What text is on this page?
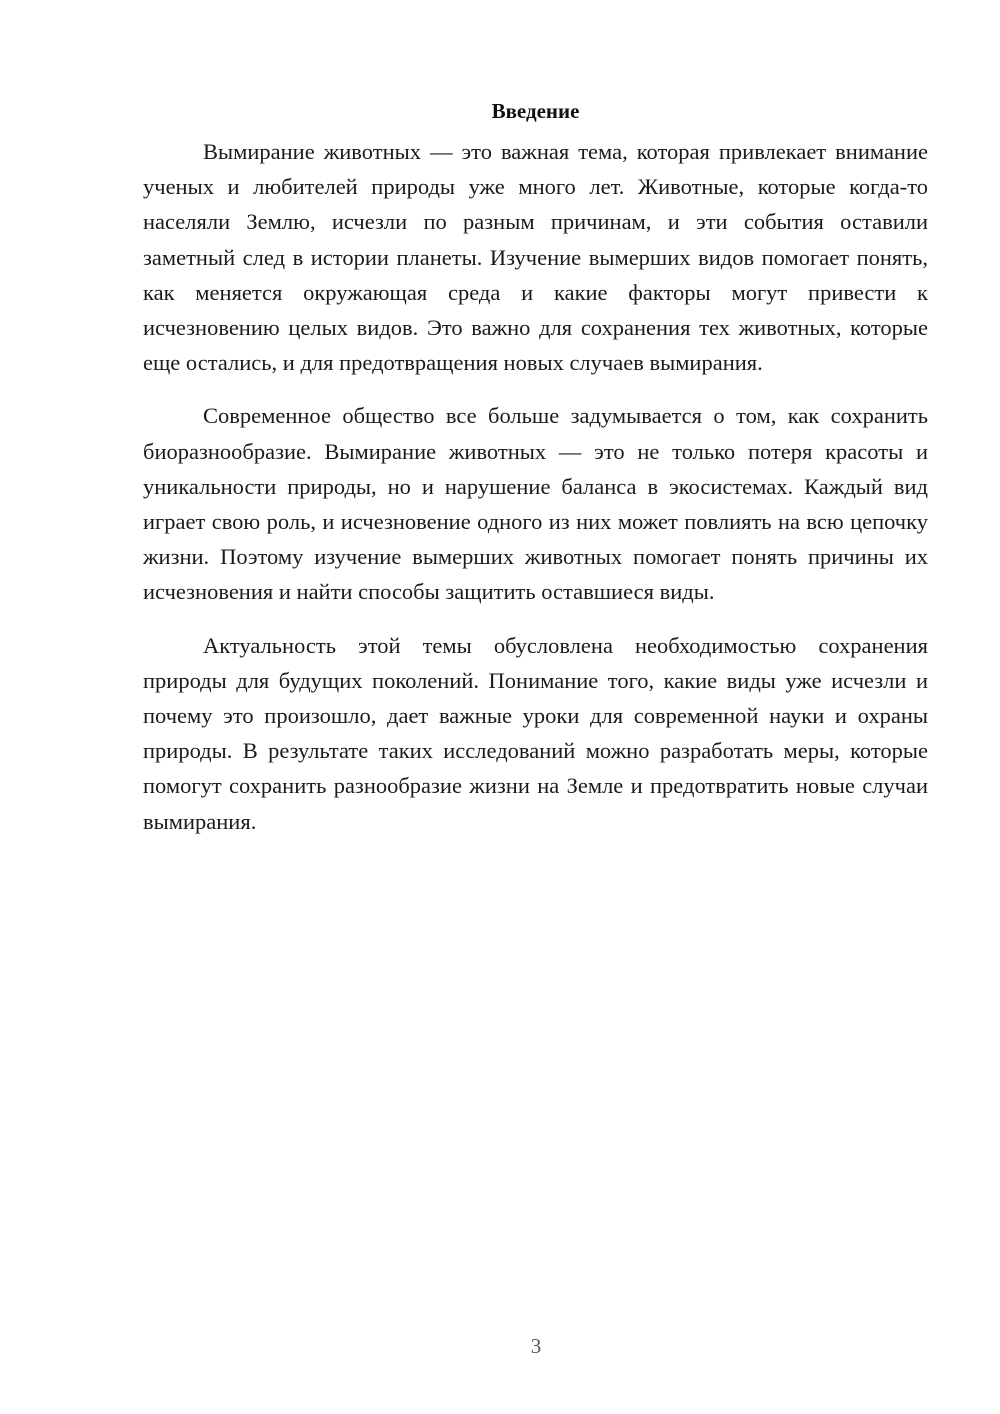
Введение

Вымирание животных — это важная тема, которая привлекает внимание ученых и любителей природы уже много лет. Животные, которые когда-то населяли Землю, исчезли по разным причинам, и эти события оставили заметный след в истории планеты. Изучение вымерших видов помогает понять, как меняется окружающая среда и какие факторы могут привести к исчезновению целых видов. Это важно для сохранения тех животных, которые еще остались, и для предотвращения новых случаев вымирания.

Современное общество все больше задумывается о том, как сохранить биоразнообразие. Вымирание животных — это не только потеря красоты и уникальности природы, но и нарушение баланса в экосистемах. Каждый вид играет свою роль, и исчезновение одного из них может повлиять на всю цепочку жизни. Поэтому изучение вымерших животных помогает понять причины их исчезновения и найти способы защитить оставшиеся виды.

Актуальность этой темы обусловлена необходимостью сохранения природы для будущих поколений. Понимание того, какие виды уже исчезли и почему это произошло, дает важные уроки для современной науки и охраны природы. В результате таких исследований можно разработать меры, которые помогут сохранить разнообразие жизни на Земле и предотвратить новые случаи вымирания.

3
